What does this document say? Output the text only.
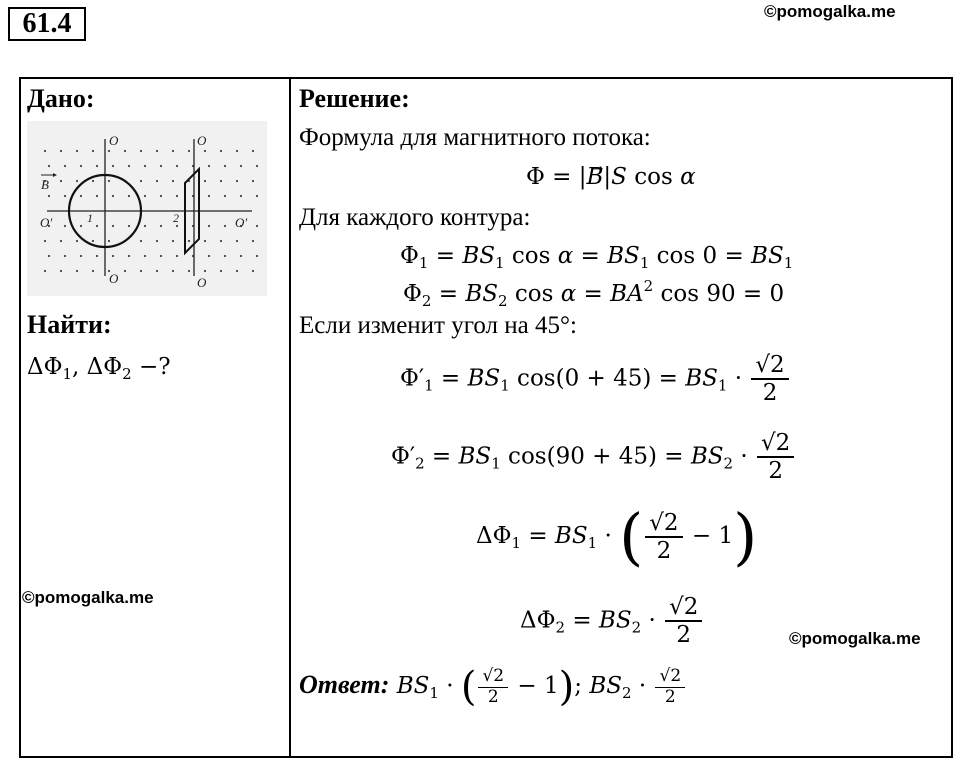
61.4	©pomogalka.me
Дано:
O	O
O	O
O′	O′
B
1	2
Найти:
$\Delta\Phi_1$, $\Delta\Phi_2$ −?
©pomogalka.me
Решение:
Формула для магнитного потока:
Φ = |B⃗|S cos α
Для каждого контура:
$\Phi_1 = BS_1$ $\cos \alpha = BS_1$ $\cos 0 = BS_1$
$\Phi_2 = BS_2$ $\cos \alpha = BA^2$ cos 90 = 0
Если изменит угол на 45°:
$\Phi'_1 = BS_1$ $\cos(0 + 45) = BS_1 \cdot \frac{√2}{2}$
$\Phi'_2 = BS_1$ $\cos(90 + 45) = BS_2 \cdot \frac{√2}{2}$
$\Delta\Phi_1 = BS_1$ · ( $\frac{√2}{2} - 1$)
$\Delta\Phi_2 = BS_2 \cdot \frac{√2}{2}$	©pomogalka.me
Ответ: $BS_1$ · ( $\frac{√2}{2} - 1$); $BS_2 \cdot \frac{√2}{2}$
